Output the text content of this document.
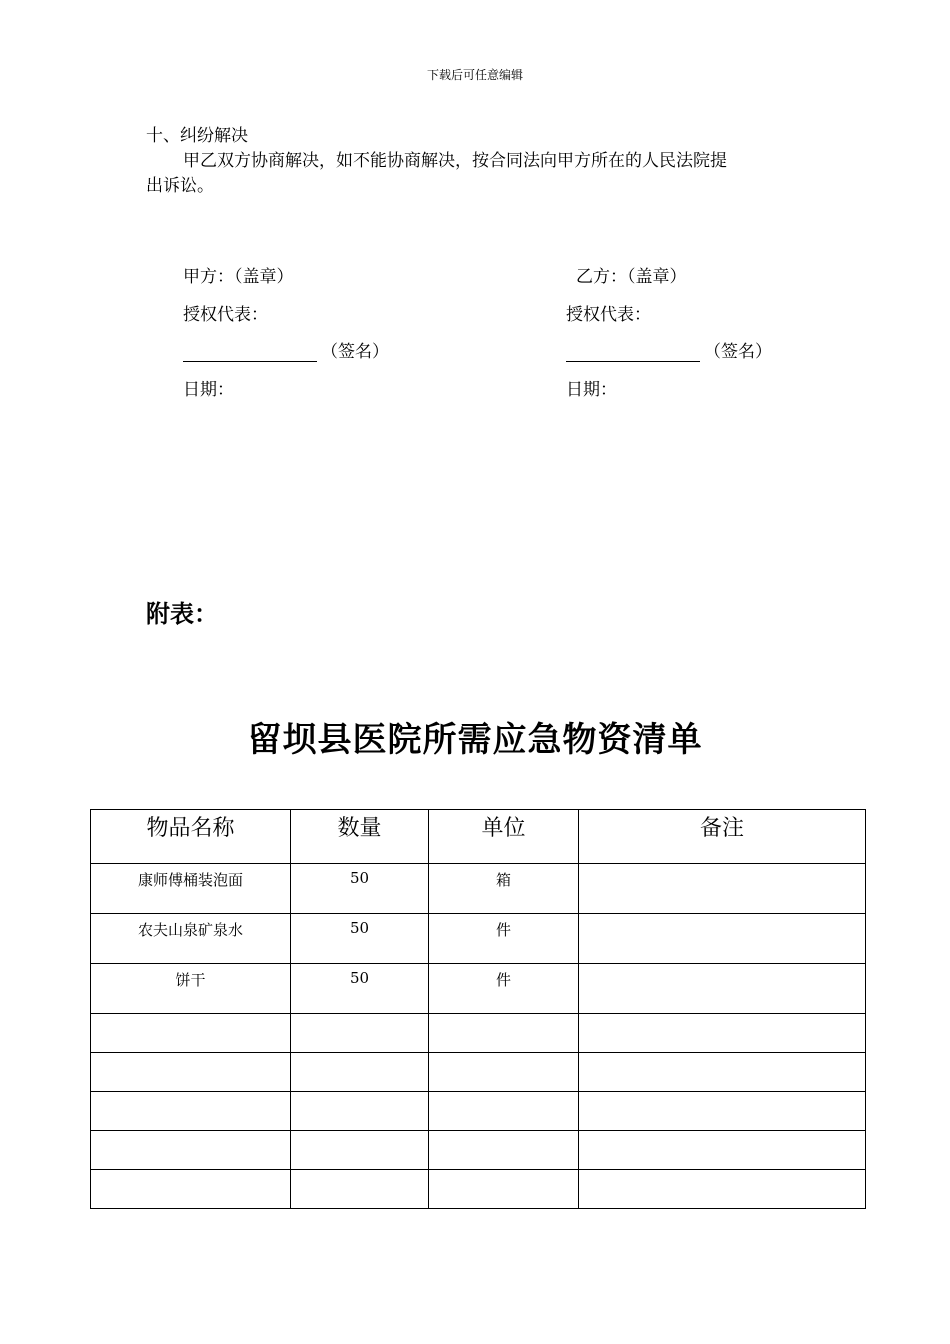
下载后可任意编辑
十、纠纷解决
甲乙双方协商解决，如不能协商解决，按合同法向甲方所在的人民法院提
出诉讼。
甲方：（盖章）
授权代表：
（签名）
日期：
乙方：（盖章）
授权代表：
（签名）
日期：
附表：
留坝县医院所需应急物资清单
物品名称	数量	单位	备注
康师傅桶装泡面	50	箱	
农夫山泉矿泉水	50	件	
饼干	50	件	
